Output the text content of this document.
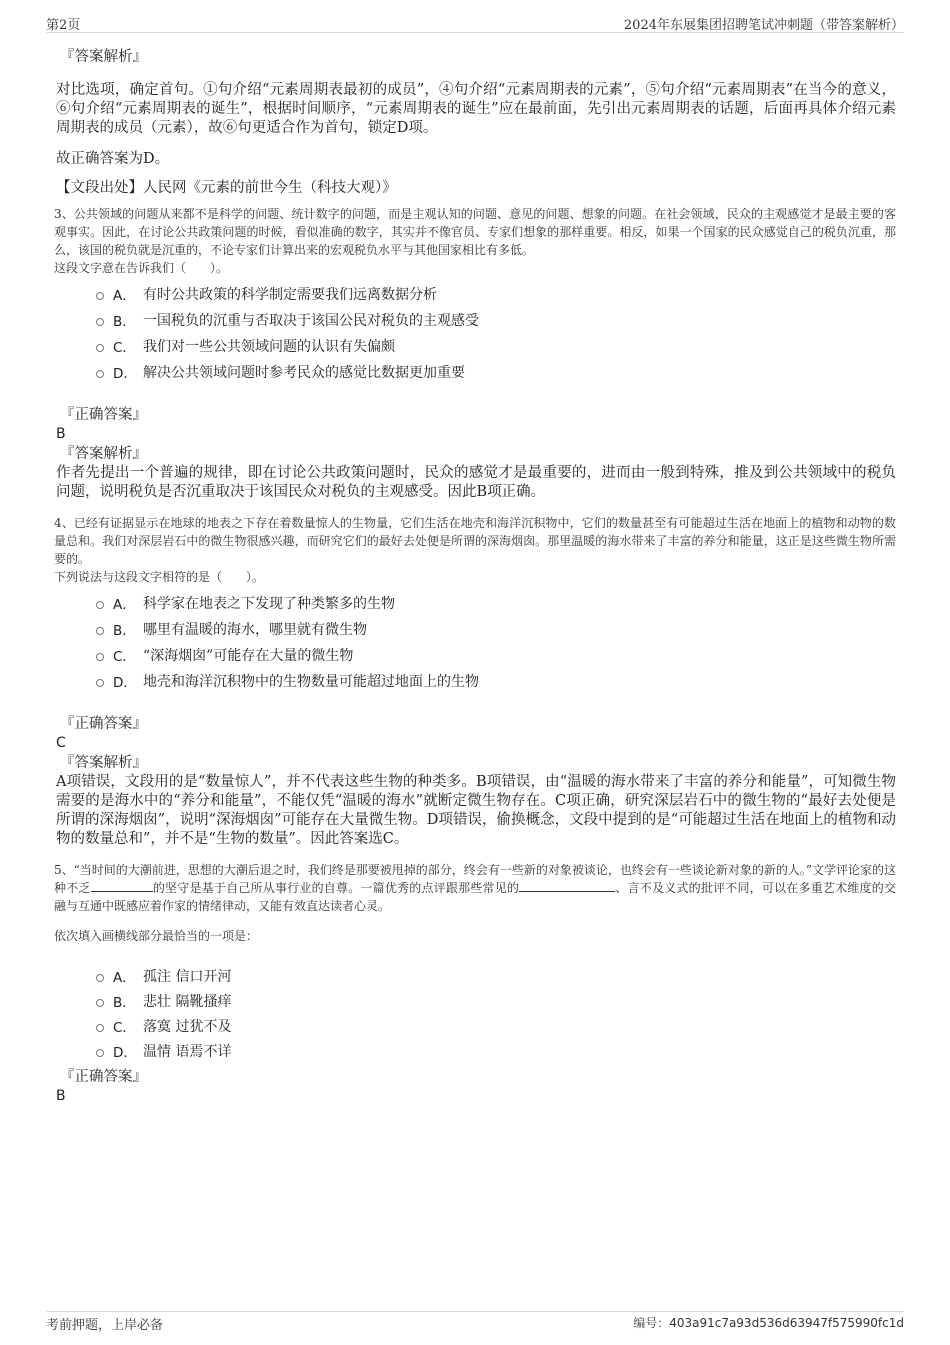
第2页	2024年东展集团招聘笔试冲刺题（带答案解析）

『答案解析』

对比选项，确定首句。①句介绍“元素周期表最初的成员”，④句介绍“元素周期表的元素”，⑤句介绍“元素周期表”在当今的意义，⑥句介绍“元素周期表的诞生”，根据时间顺序，“元素周期表的诞生”应在最前面，先引出元素周期表的话题，后面再具体介绍元素周期表的成员（元素），故⑥句更适合作为首句，锁定D项。

故正确答案为D。

【文段出处】人民网《元素的前世今生（科技大观）》

3、公共领域的问题从来都不是科学的问题、统计数字的问题，而是主观认知的问题、意见的问题、想象的问题。在社会领域，民众的主观感觉才是最主要的客观事实。因此，在讨论公共政策问题的时候，看似准确的数字，其实并不像官员、专家们想象的那样重要。相反，如果一个国家的民众感觉自己的税负沉重，那么，该国的税负就是沉重的，不论专家们计算出来的宏观税负水平与其他国家相比有多低。

这段文字意在告诉我们（　　）。

A． 有时公共政策的科学制定需要我们远离数据分析
B． 一国税负的沉重与否取决于该国公民对税负的主观感受
C． 我们对一些公共领域问题的认识有失偏颇
D． 解决公共领域问题时参考民众的感觉比数据更加重要

『正确答案』

B

『答案解析』

作者先提出一个普遍的规律，即在讨论公共政策问题时，民众的感觉才是最重要的，进而由一般到特殊，推及到公共领域中的税负问题，说明税负是否沉重取决于该国民众对税负的主观感受。因此B项正确。

4、已经有证据显示在地球的地表之下存在着数量惊人的生物量，它们生活在地壳和海洋沉积物中，它们的数量甚至有可能超过生活在地面上的植物和动物的数量总和。我们对深层岩石中的微生物很感兴趣，而研究它们的最好去处便是所谓的深海烟囱。那里温暖的海水带来了丰富的养分和能量，这正是这些微生物所需要的。

下列说法与这段文字相符的是（　　）。

A． 科学家在地表之下发现了种类繁多的生物
B． 哪里有温暖的海水，哪里就有微生物
C． “深海烟囱”可能存在大量的微生物
D． 地壳和海洋沉积物中的生物数量可能超过地面上的生物

『正确答案』

C

『答案解析』

A项错误，文段用的是“数量惊人”，并不代表这些生物的种类多。B项错误，由“温暖的海水带来了丰富的养分和能量”，可知微生物需要的是海水中的“养分和能量”，不能仅凭“温暖的海水”就断定微生物存在。C项正确，研究深层岩石中的微生物的“最好去处便是所谓的深海烟囱”，说明“深海烟囱”可能存在大量微生物。D项错误，偷换概念，文段中提到的是“可能超过生活在地面上的植物和动物的数量总和”，并不是“生物的数量”。因此答案选C。

5、“当时间的大潮前进，思想的大潮后退之时，我们终是那要被甩掉的部分，终会有一些新的对象被谈论，也终会有一些谈论新对象的新的人。”文学评论家的这种不乏	的坚守是基于自己所从事行业的自尊。一篇优秀的点评跟那些常见的	、言不及义式的批评不同，可以在多重艺术维度的交融与互通中既感应着作家的情绪律动，又能有效直达读者心灵。

依次填入画横线部分最恰当的一项是：

A． 孤注 信口开河
B． 悲壮 隔靴搔痒
C． 落寞 过犹不及
D． 温情 语焉不详

『正确答案』

B

考前押题，上岸必备	编号：403a91c7a93d536d63947f575990fc1d
